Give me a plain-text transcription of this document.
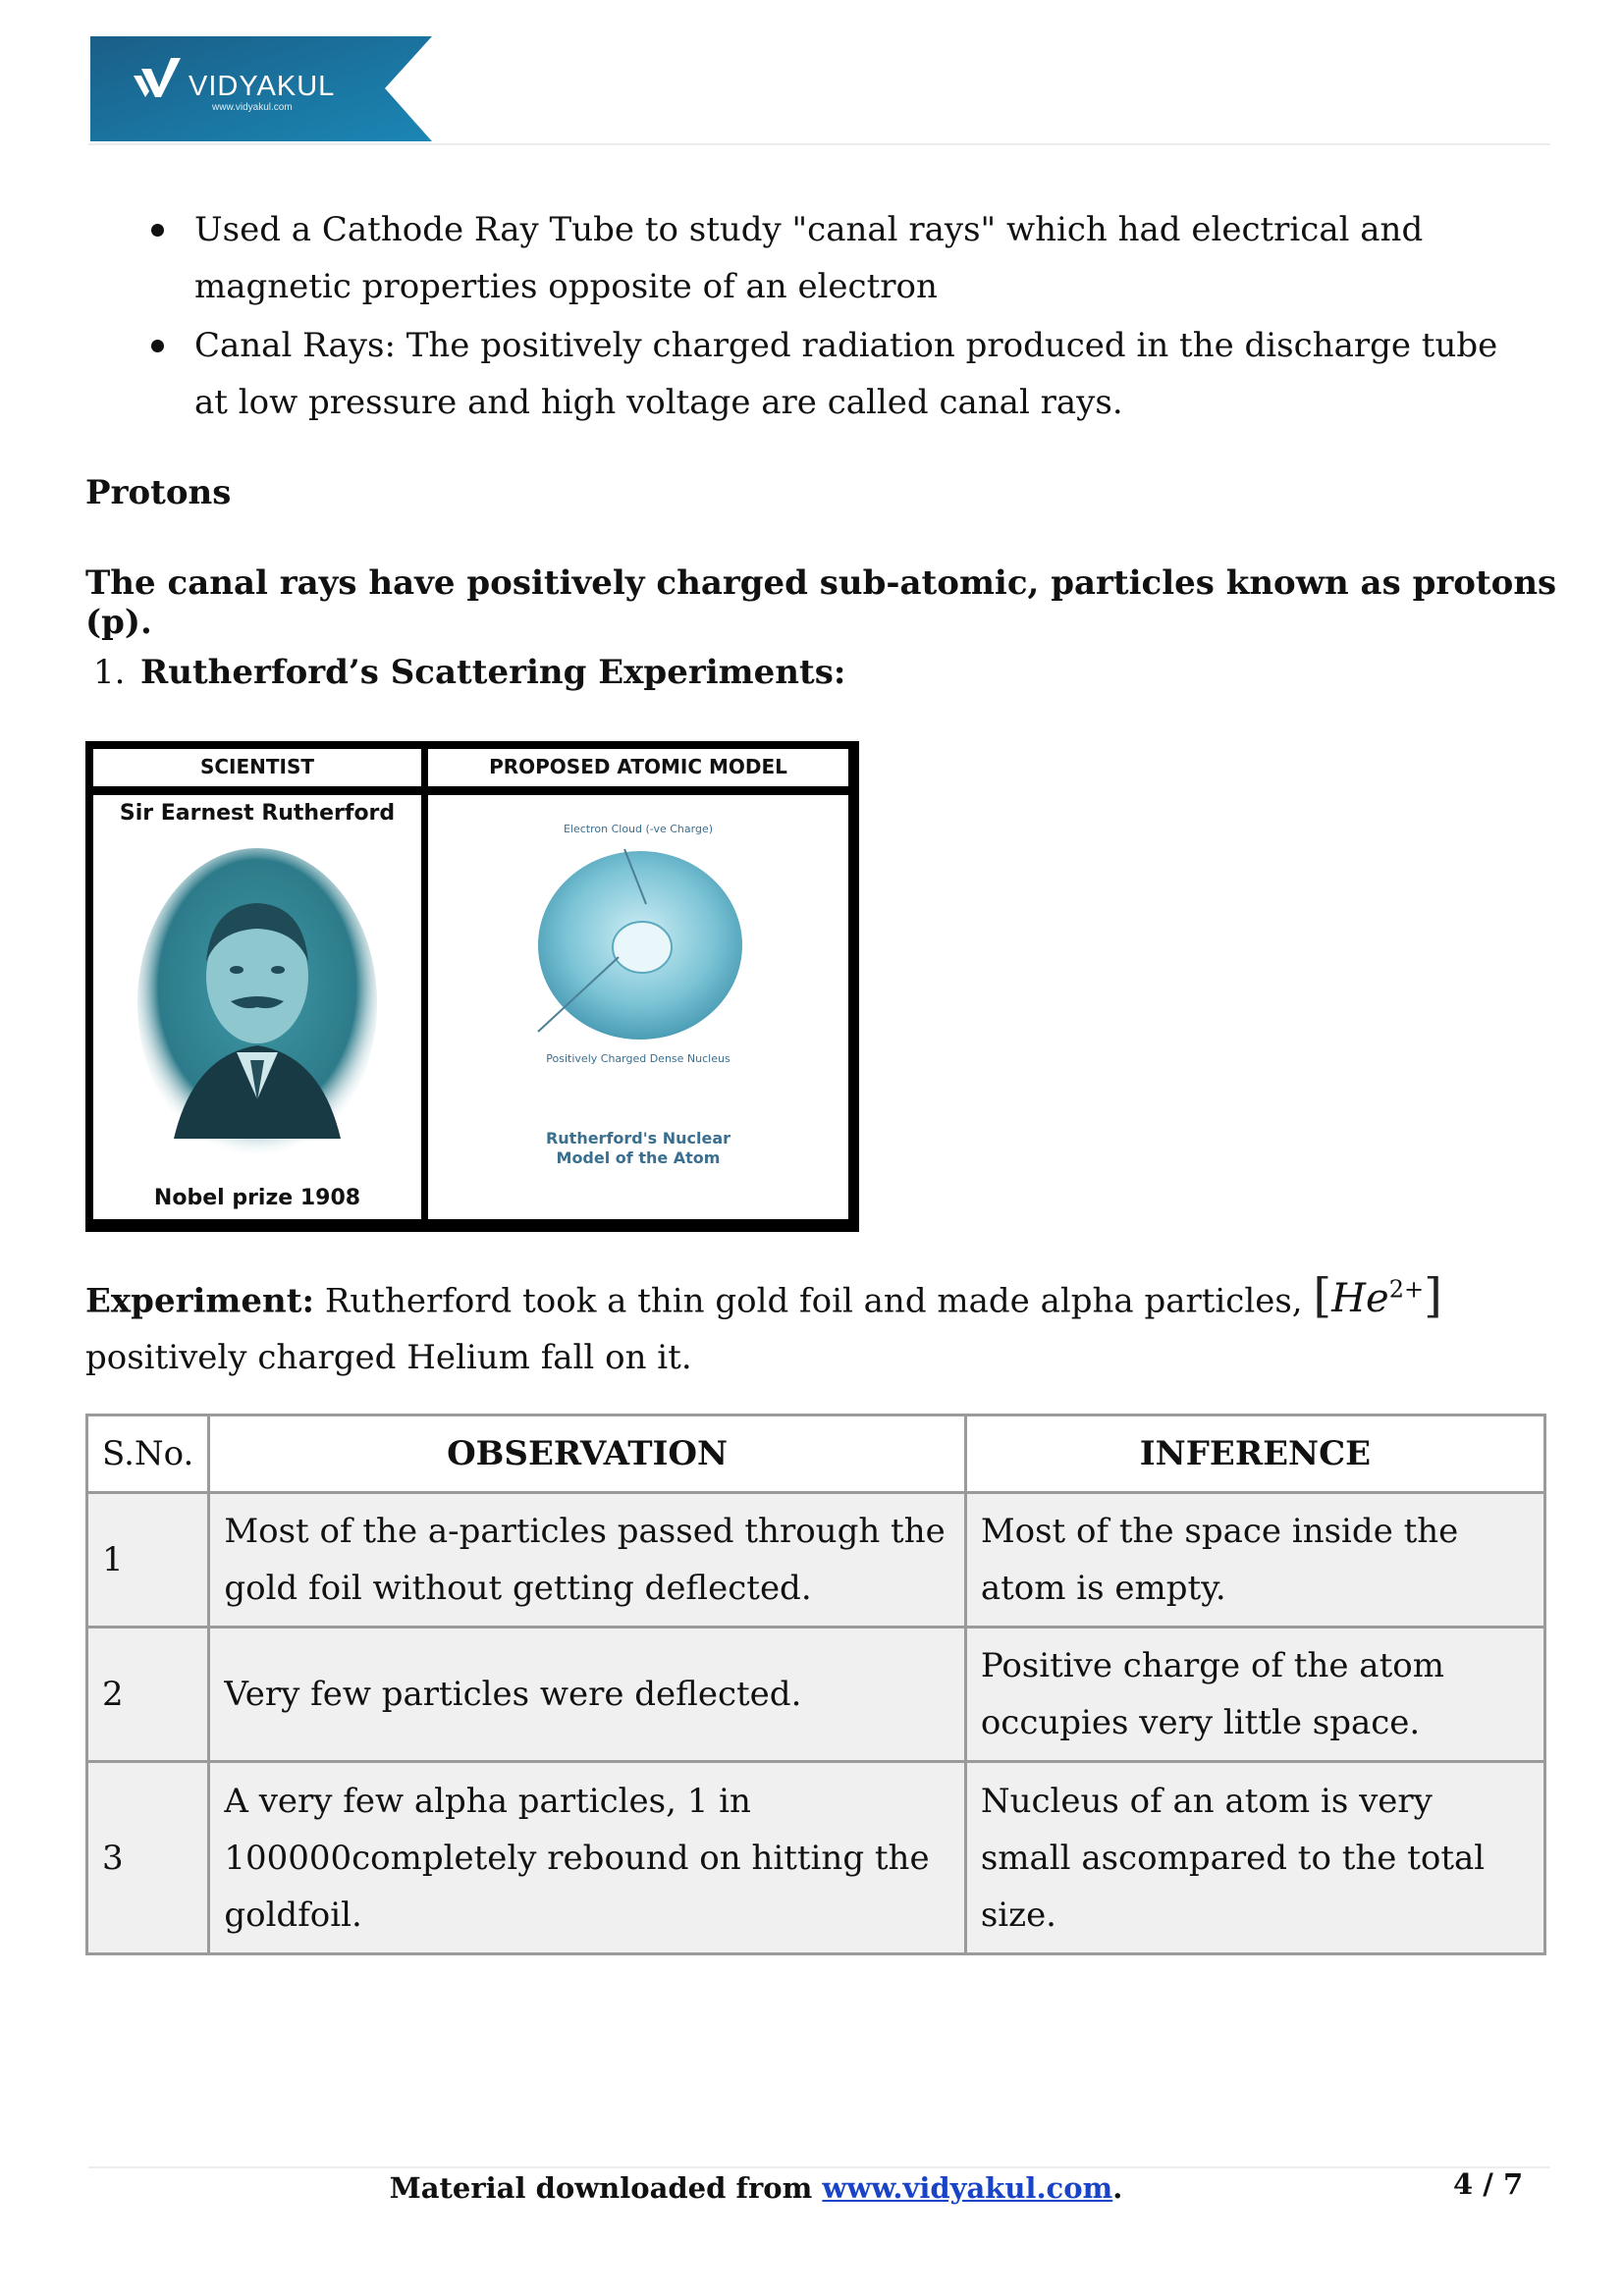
VIDYAKUL
www.vidyakul.com
Used a Cathode Ray Tube to study "canal rays" which had electrical and magnetic properties opposite of an electron
Canal Rays: The positively charged radiation produced in the discharge tube at low pressure and high voltage are called canal rays.
Protons
The canal rays have positively charged sub-atomic, particles known as protons (p).
1. Rutherford’s Scattering Experiments:
SCIENTIST	PROPOSED ATOMIC MODEL
Sir Earnest Rutherford
Nobel prize 1908
Electron Cloud (-ve Charge)
Positively Charged Dense Nucleus
Rutherford's Nuclear
Model of the Atom
Experiment: Rutherford took a thin gold foil and made alpha particles, $[He^{2+}]$ positively charged Helium fall on it.
S.No.	OBSERVATION	INFERENCE
1	Most of the a-particles passed through the gold foil without getting deflected.	Most of the space inside the atom is empty.
2	Very few particles were deflected.	Positive charge of the atom occupies very little space.
3	A very few alpha particles, 1 in 100000completely rebound on hitting the goldfoil.	Nucleus of an atom is very small ascompared to the total size.
Material downloaded from www.vidyakul.com.	4 / 7
